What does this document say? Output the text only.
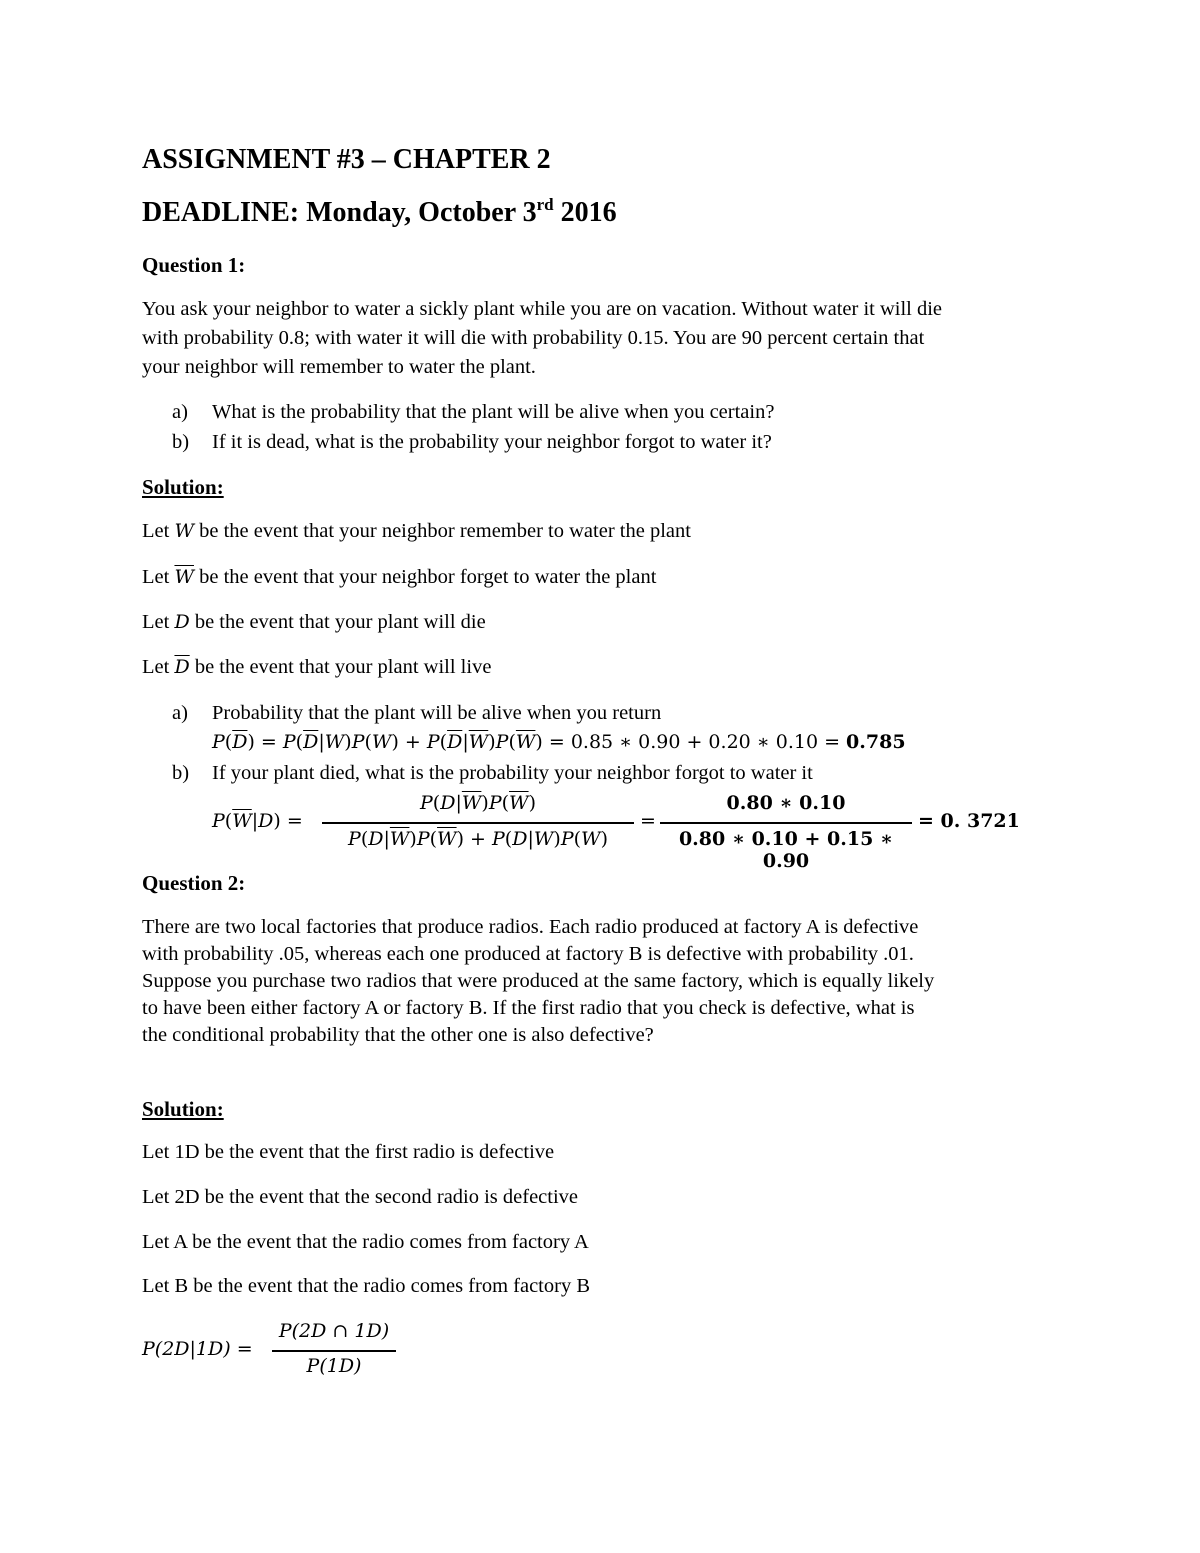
ASSIGNMENT #3 – CHAPTER 2
DEADLINE: Monday, October 3rd 2016
Question 1:
You ask your neighbor to water a sickly plant while you are on vacation. Without water it will die
with probability 0.8; with water it will die with probability 0.15. You are 90 percent certain that
your neighbor will remember to water the plant.
a) What is the probability that the plant will be alive when you certain?
b) If it is dead, what is the probability your neighbor forgot to water it?
Solution:
Let W be the event that your neighbor remember to water the plant
Let $\overline{W}$ be the event that your neighbor forget to water the plant
Let D be the event that your plant will die
Let $\overline{D}$ be the event that your plant will live
a) Probability that the plant will be alive when you return
$P(\overline{D}) = P(\overline{D}|W)P(W) + P(\overline{D}|\overline{W})P(\overline{W}) = 0.85$ ∗ 0.90 + 0.20 ∗ 0.10 = 0.785
b) If your plant died, what is the probability your neighbor forgot to water it
$P(\overline{W}|D)$ =
$P(D|\overline{W})P(\overline{W})$
$P(D|\overline{W})P(\overline{W}) + P(D|W)P(W)$
=
0.80 ∗ 0.10
0.80 ∗ 0.10 + 0.15 ∗ 0.90
= 0. 3721
Question 2:
There are two local factories that produce radios. Each radio produced at factory A is defective
with probability .05, whereas each one produced at factory B is defective with probability .01.
Suppose you purchase two radios that were produced at the same factory, which is equally likely
to have been either factory A or factory B. If the first radio that you check is defective, what is
the conditional probability that the other one is also defective?
Solution:
Let 1D be the event that the first radio is defective
Let 2D be the event that the second radio is defective
Let A be the event that the radio comes from factory A
Let B be the event that the radio comes from factory B
P(2D|1D) =
P(2D ∩ 1D)
P(1D)
